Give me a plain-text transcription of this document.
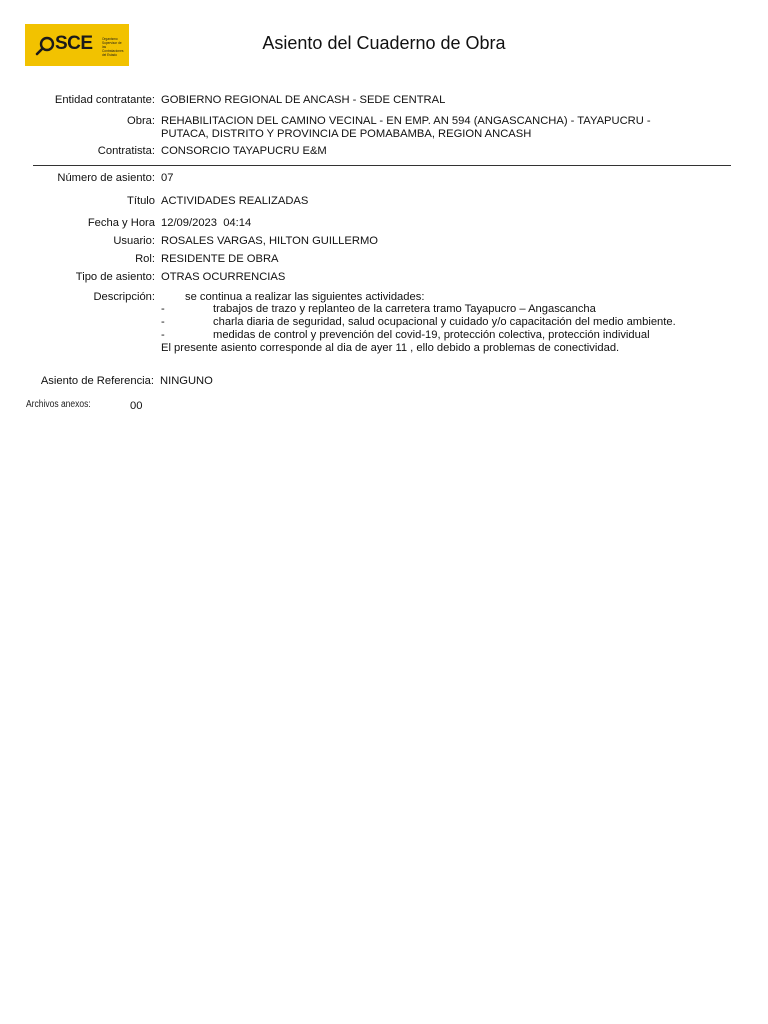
SCE	Organismo Supervisor de las Contrataciones del Estado
Asiento del Cuaderno de Obra
Entidad contratante: GOBIERNO REGIONAL DE ANCASH - SEDE CENTRAL
Obra: REHABILITACION DEL CAMINO VECINAL - EN EMP. AN 594 (ANGASCANCHA) - TAYAPUCRU -
PUTACA, DISTRITO Y PROVINCIA DE POMABAMBA, REGION ANCASH
Contratista: CONSORCIO TAYAPUCRU E&M
Número de asiento: 07
Título ACTIVIDADES REALIZADAS
Fecha y Hora 12/09/2023  04:14
Usuario: ROSALES VARGAS, HILTON GUILLERMO
Rol: RESIDENTE DE OBRA
Tipo de asiento: OTRAS OCURRENCIAS
Descripción:	se continua a realizar las siguientes actividades:
-	trabajos de trazo y replanteo de la carretera tramo Tayapucro – Angascancha
-	charla diaria de seguridad, salud ocupacional y cuidado y/o capacitación del medio ambiente.
-	medidas de control y prevención del covid-19, protección colectiva, protección individual
El presente asiento corresponde al dia de ayer 11 , ello debido a problemas de conectividad.
Asiento de Referencia: NINGUNO
Archivos anexos:	00
